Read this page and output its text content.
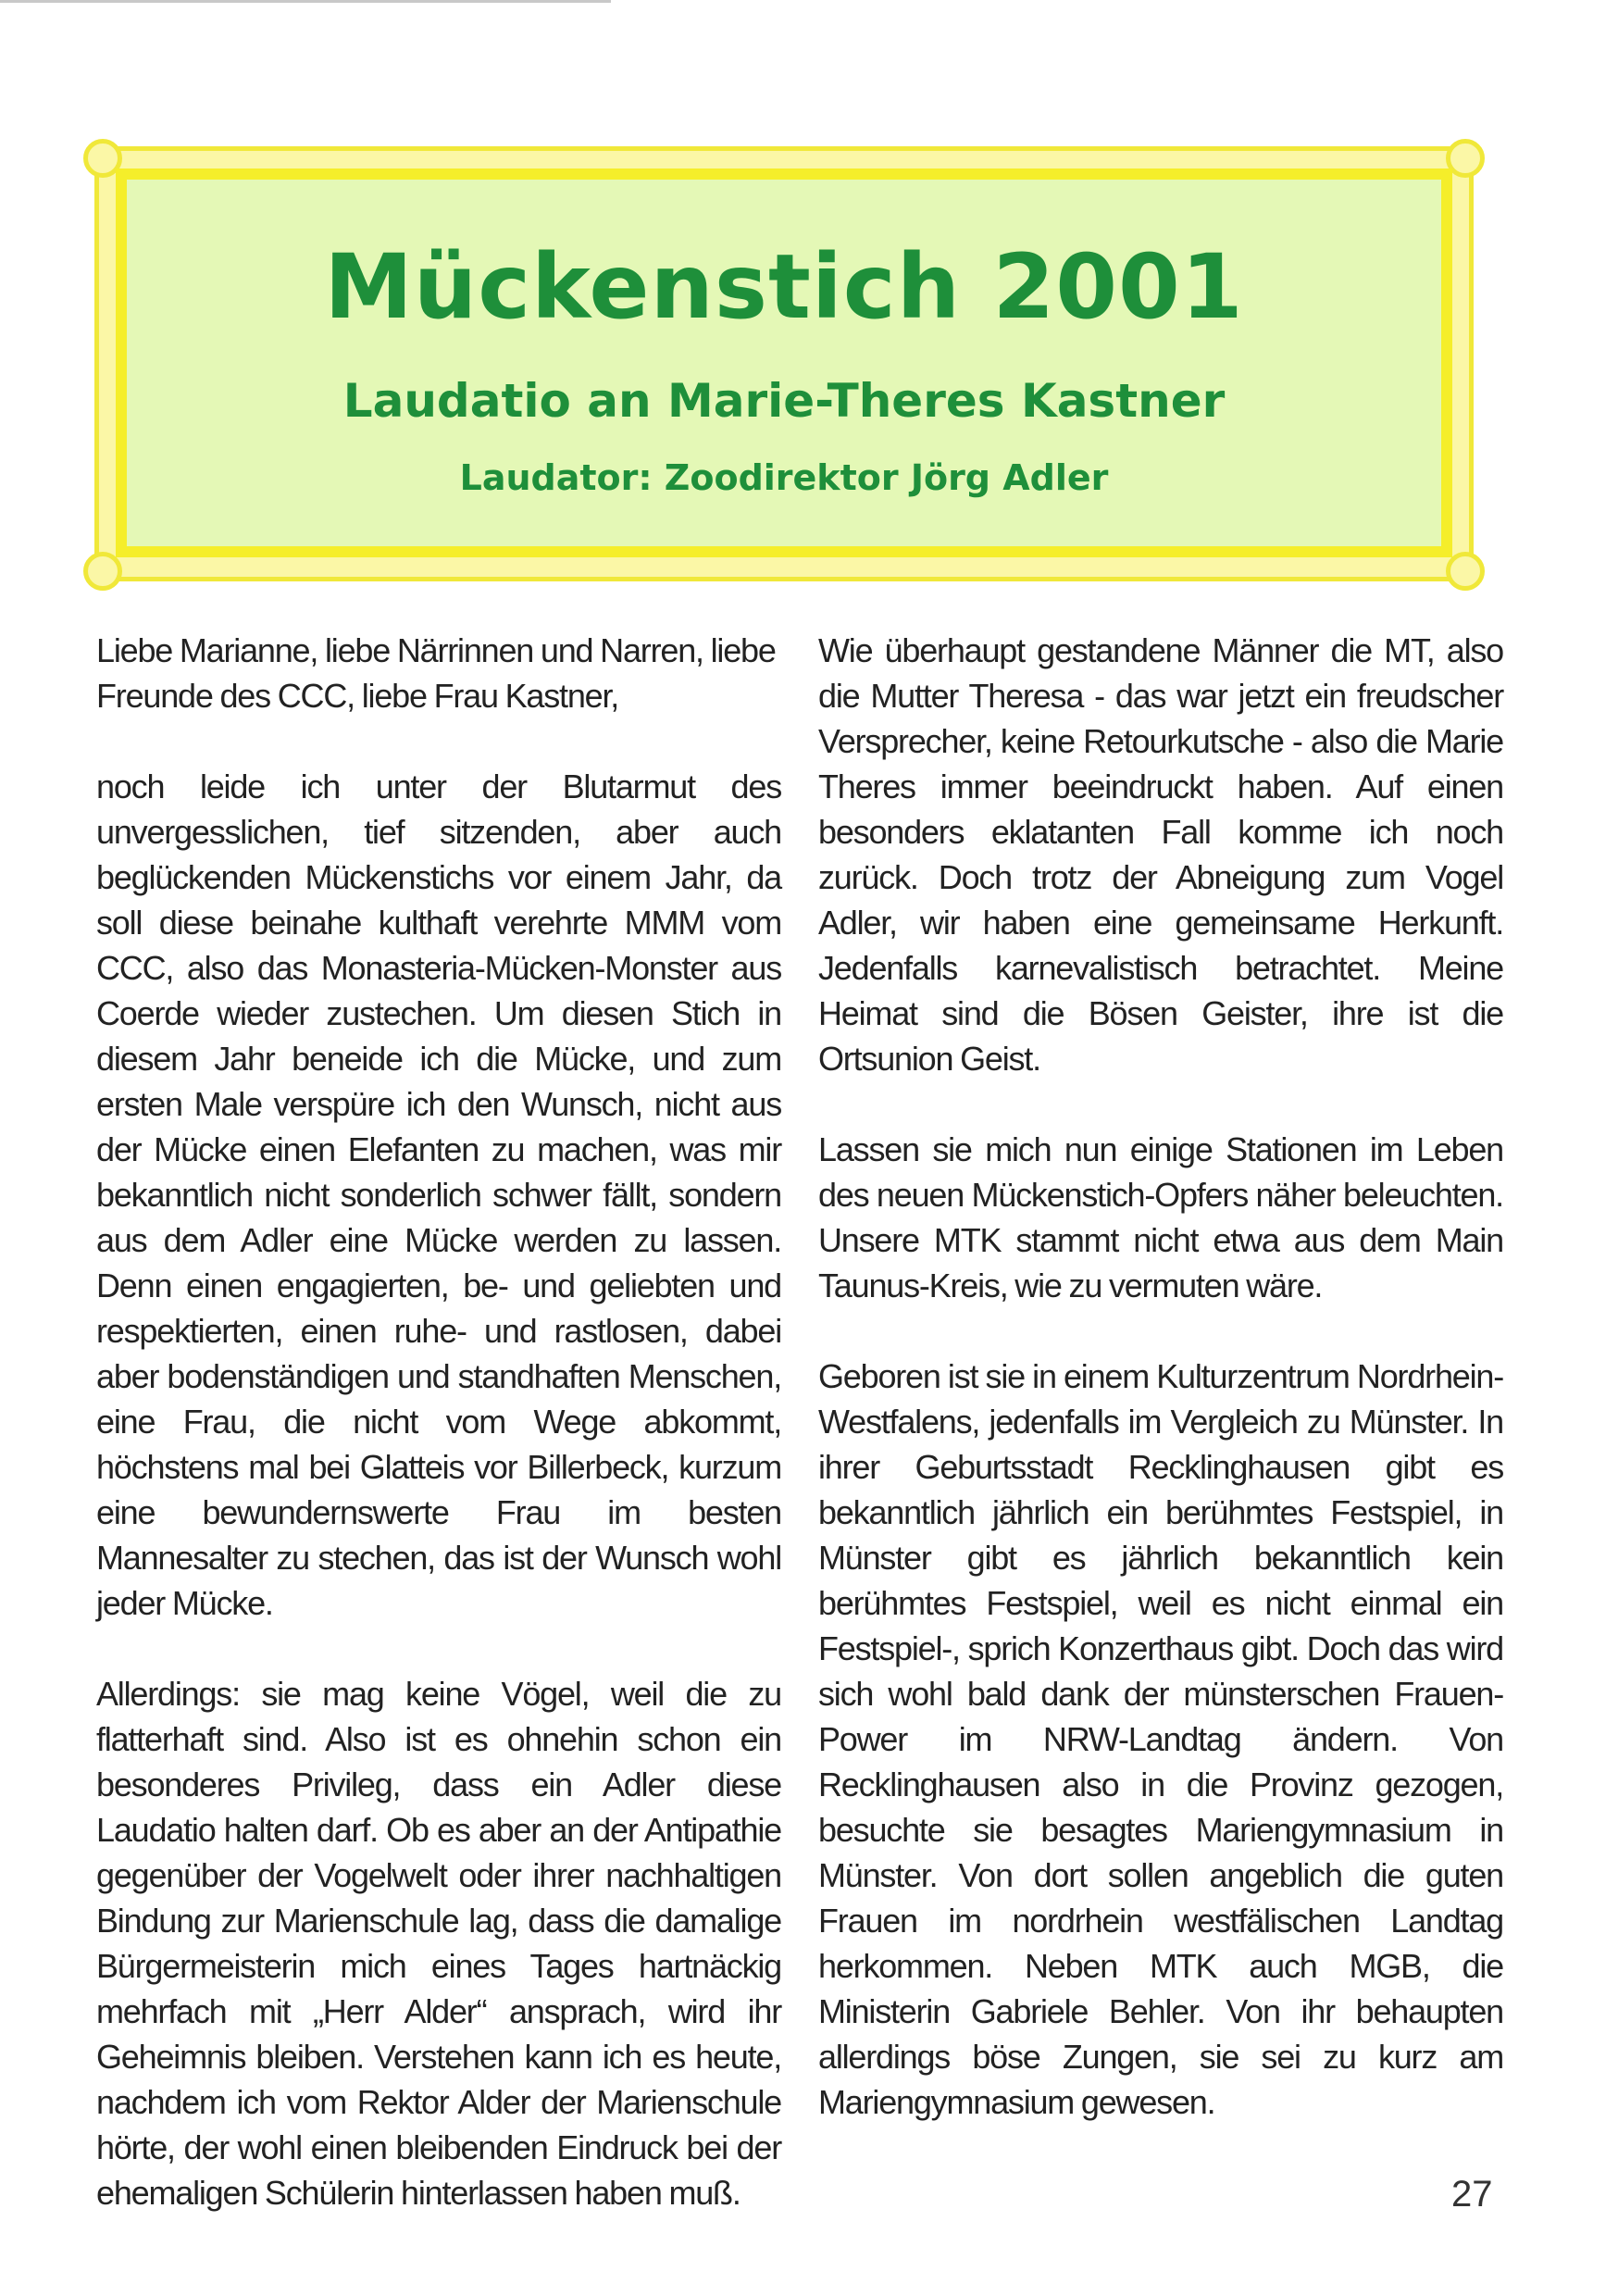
Mückenstich 2001
Laudatio an Marie-Theres Kastner
Laudator: Zoodirektor Jörg Adler

Liebe Marianne, liebe Närrinnen und Narren, liebe Freunde des CCC, liebe Frau Kastner,

noch leide ich unter der Blutarmut des unvergesslichen, tief sitzenden, aber auch beglückenden Mückenstichs vor einem Jahr, da soll diese beinahe kulthaft verehrte MMM vom CCC, also das Monasteria-Mücken-Monster aus Coerde wieder zustechen. Um diesen Stich in diesem Jahr beneide ich die Mücke, und zum ersten Male verspüre ich den Wunsch, nicht aus der Mücke einen Elefanten zu machen, was mir bekanntlich nicht sonderlich schwer fällt, sondern aus dem Adler eine Mücke werden zu lassen. Denn einen engagierten, be- und geliebten und respektierten, einen ruhe- und rastlosen, dabei aber bodenständigen und standhaften Menschen, eine Frau, die nicht vom Wege abkommt, höchstens mal bei Glatteis vor Billerbeck, kurzum eine bewundernswerte Frau im besten Mannesalter zu stechen, das ist der Wunsch wohl jeder Mücke.

Allerdings: sie mag keine Vögel, weil die zu flatterhaft sind. Also ist es ohnehin schon ein besonderes Privileg, dass ein Adler diese Laudatio halten darf. Ob es aber an der Antipathie gegenüber der Vogelwelt oder ihrer nachhaltigen Bindung zur Marienschule lag, dass die damalige Bürgermeisterin mich eines Tages hartnäckig mehrfach mit „Herr Alder“ ansprach, wird ihr Geheimnis bleiben. Verstehen kann ich es heute, nachdem ich vom Rektor Alder der Marienschule hörte, der wohl einen bleibenden Eindruck bei der ehemaligen Schülerin hinterlassen haben muß.

Wie überhaupt gestandene Männer die MT, also die Mutter Theresa - das war jetzt ein freudscher Versprecher, keine Retourkutsche - also die Marie Theres immer beeindruckt haben. Auf einen besonders eklatanten Fall komme ich noch zurück. Doch trotz der Abneigung zum Vogel Adler, wir haben eine gemeinsame Herkunft. Jedenfalls karnevalistisch betrachtet. Meine Heimat sind die Bösen Geister, ihre ist die Ortsunion Geist.

Lassen sie mich nun einige Stationen im Leben des neuen Mückenstich-Opfers näher beleuchten. Unsere MTK stammt nicht etwa aus dem Main Taunus-Kreis, wie zu vermuten wäre.

Geboren ist sie in einem Kulturzentrum Nordrhein-Westfalens, jedenfalls im Vergleich zu Münster. In ihrer Geburtsstadt Recklinghausen gibt es bekanntlich jährlich ein berühmtes Festspiel, in Münster gibt es jährlich bekanntlich kein berühmtes Festspiel, weil es nicht einmal ein Festspiel-, sprich Konzerthaus gibt. Doch das wird sich wohl bald dank der münsterschen Frauen-Power im NRW-Landtag ändern. Von Recklinghausen also in die Provinz gezogen, besuchte sie besagtes Mariengymnasium in Münster. Von dort sollen angeblich die guten Frauen im nordrhein westfälischen Landtag herkommen. Neben MTK auch MGB, die Ministerin Gabriele Behler. Von ihr behaupten allerdings böse Zungen, sie sei zu kurz am Mariengymnasium gewesen.

27
